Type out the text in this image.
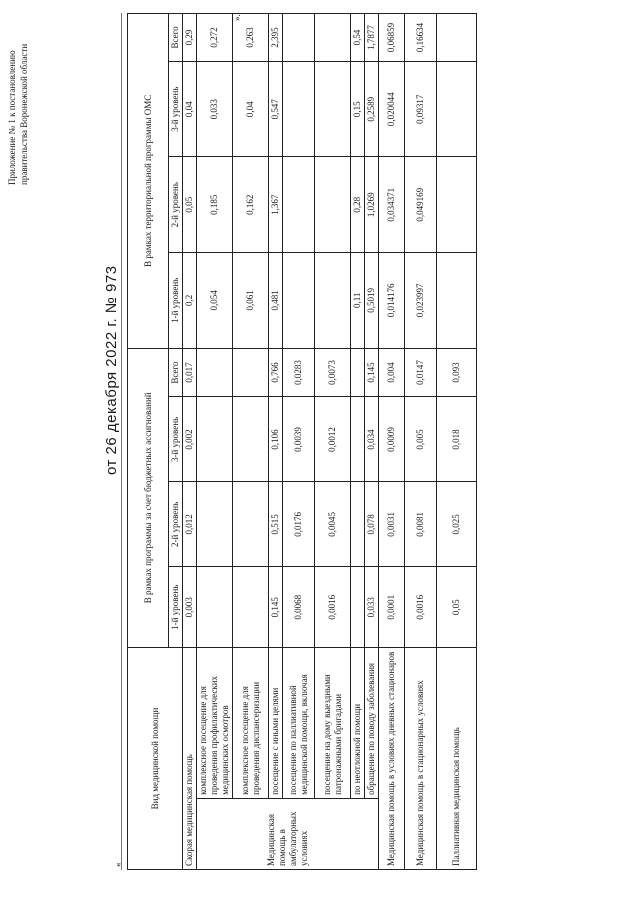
Приложение № 1 к постановлению правительства Воронежской области
от 26 декабря 2022 г. № 973
«
».
Вид медицинской помощи		В рамках программы за счет бюджетных ассигнований				В рамках территориальной программы ОМС			
		1-й уровень	2-й уровень	3-й уровень	Всего	1-й уровень	2-й уровень	3-й уровень	Всего
Скорая медицинская помощь		0,003	0,012	0,002	0,017	0,2	0,05	0,04	0,29
Медицинская помощь в амбулаторных условиях	комплексное посещение для проведения профилактических медицинских осмотров					0,054	0,185	0,033	0,272
	комплексное посещение для проведения диспансеризации					0,061	0,162	0,04	0,263
	посещение с иными целями	0,145	0,515	0,106	0,766	0,481	1,367	0,547	2,395
	посещение по паллиативной медицинской помощи, включая	0,0068	0,0176	0,0039	0,0283				
	посещение на дому выездными патронажными бригадами	0,0016	0,0045	0,0012	0,0073				
	по неотложной помощи					0,11	0,28	0,15	0,54
	обращение по поводу заболевания	0,033	0,078	0,034	0,145	0,5019	1,0269	0,2589	1,7877
Медицинская помощь в условиях дневных стационаров		0,0001	0,0031	0,0009	0,004	0,014176	0,034371	0,020044	0,06859
Медицинская помощь в стационарных условиях		0,0016	0,0081	0,005	0,0147	0,023997	0,049169	0,09317	0,16634
Паллиативная медицинская помощь		0,05	0,025	0,018	0,093				
